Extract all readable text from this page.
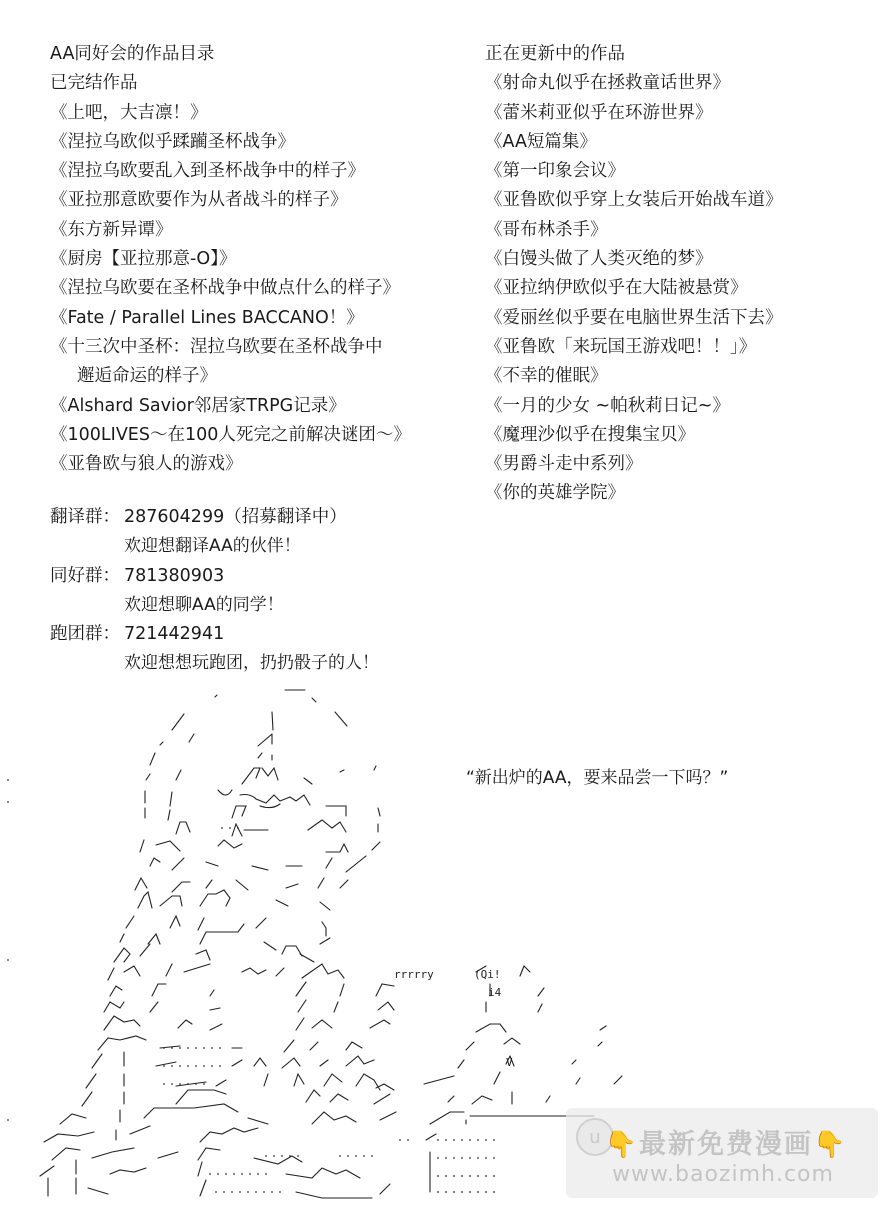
AA同好会的作品目录
已完结作品
《上吧，大吉凛！》
《涅拉乌欧似乎蹂躏圣杯战争》
《涅拉乌欧要乱入到圣杯战争中的样子》
《亚拉那意欧要作为从者战斗的样子》
《东方新异谭》
《厨房【亚拉那意-O】》
《涅拉乌欧要在圣杯战争中做点什么的样子》
《Fate / Parallel Lines BACCANO！》
《十三次中圣杯：涅拉乌欧要在圣杯战争中
邂逅命运的样子》
《Alshard Savior邻居家TRPG记录》
《100LIVES～在100人死完之前解决谜团～》
《亚鲁欧与狼人的游戏》
正在更新中的作品
《射命丸似乎在拯救童话世界》
《蕾米莉亚似乎在环游世界》
《AA短篇集》
《第一印象会议》
《亚鲁欧似乎穿上女装后开始战车道》
《哥布林杀手》
《白馒头做了人类灭绝的梦》
《亚拉纳伊欧似乎在大陆被悬赏》
《爱丽丝似乎要在电脑世界生活下去》
《亚鲁欧「来玩国王游戏吧！！」》
《不幸的催眠》
《一月的少女 ~帕秋莉日记~》
《魔理沙似乎在搜集宝贝》
《男爵斗走中系列》
《你的英雄学院》
翻译群： 287604299（招募翻译中）
欢迎想翻译AA的伙伴！
同好群： 781380903
欢迎想聊AA的同学！
跑团群： 721442941
欢迎想想玩跑团，扔扔骰子的人！
“新出炉的AA，要来品尝一下吗？”
rrrrry	(Qi!
i4
V
u 👇最新免费漫画👇
www.baozimh.com
